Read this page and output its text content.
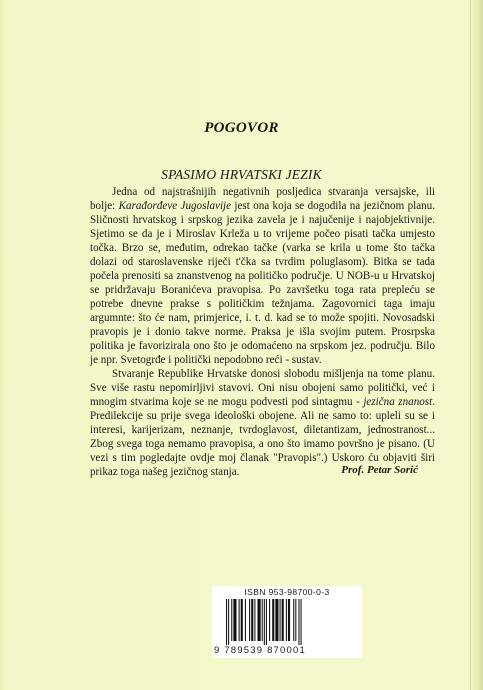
POGOVOR
SPASIMO HRVATSKI JEZIK

Jedna od najstrašnijih negativnih posljedica stvaranja versajske, ili bolje: Karađorđeve Jugoslavije jest ona koja se dogodila na jezičnom planu. Sličnosti hrvatskog i srpskog jezika zavela je i najučenije i najobjektivnije. Sjetimo se da je i Miroslav Krleža u to vrijeme počeo pisati tačka umjesto točka. Brzo se, međutim, odrekao tačke (varka se krila u tome što tačka dolazi od staroslavenske riječi t'čka sa tvrdim poluglasom). Bitka se tada počela prenositi sa znanstvenog na političko područje. U NOB-u u Hrvatskoj se pridržavaju Boranićeva pravopisa. Po završetku toga rata prepleću se potrebe dnevne prakse s političkim težnjama. Zagovornici taga imaju argumnte: što će nam, primjerice, i. t. d. kad se to može spojiti. Novosadski pravopis je i donio takve norme. Praksa je išla svojim putem. Prosrpska politika je favorizirala ono što je odomaćeno na srpskom jez. području. Bilo je npr. Svetogrđe i politički nepodobno reći - sustav.

Stvaranje Republike Hrvatske donosi slobodu mišljenja na tome planu. Sve više rastu nepomirljivi stavovi. Oni nisu obojeni samo politički, već i mnogim stvarima koje se ne mogu podvesti pod sintagmu - jezična znanost. Predilekcije su prije svega ideološki obojene. Ali ne samo to: upleli su se i interesi, karijerizam, neznanje, tvrdoglavost, diletantizam, jednostranost... Zbog svega toga nemamo pravopisa, a ono što imamo površno je pisano. (U vezi s tim pogledajte ovdje moj članak "Pravopis".) Uskoro ću objaviti širi prikaz toga našeg jezičnog stanja.	Prof. Petar Sorić
ISBN 953-98700-0-3
9 789539 870001
